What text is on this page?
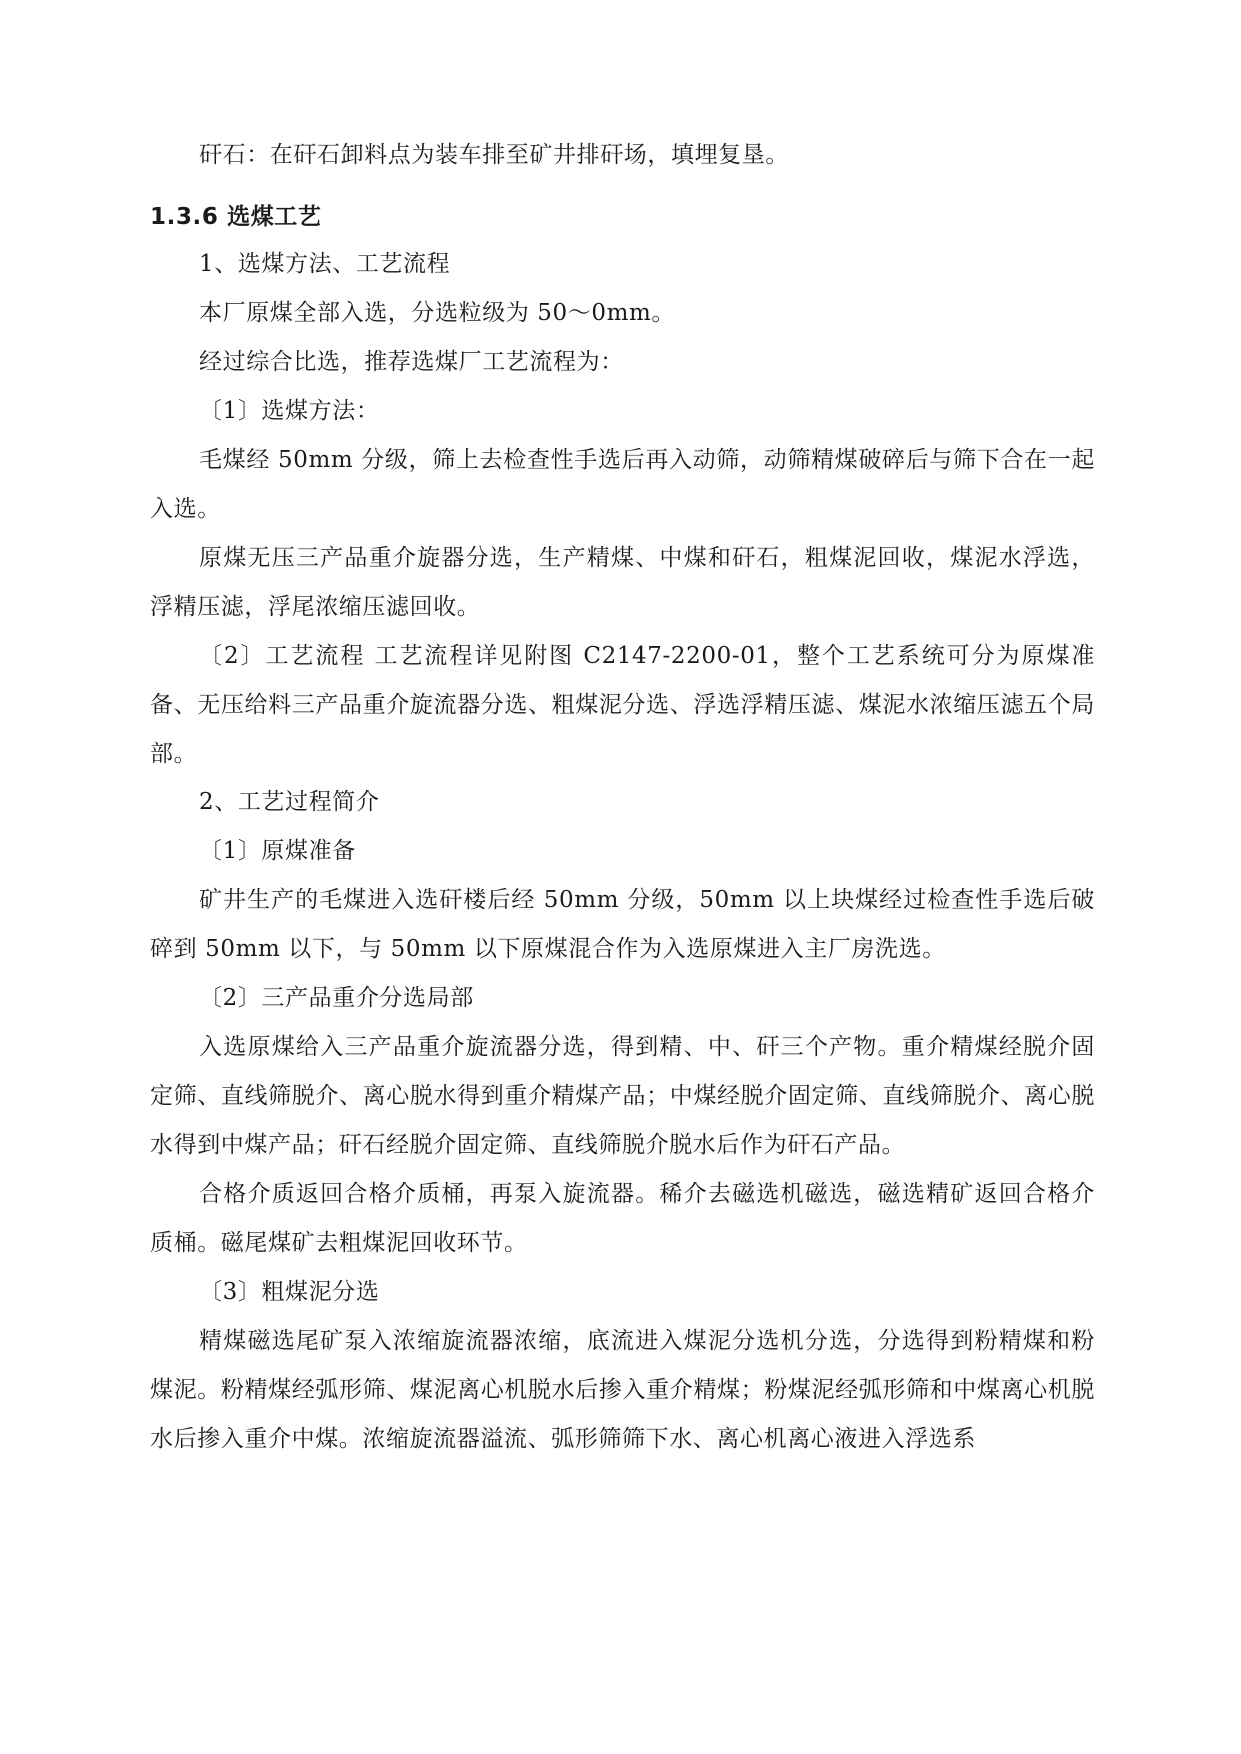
矸石：在矸石卸料点为装车排至矿井排矸场，填埋复垦。

1.3.6 选煤工艺

1、选煤方法、工艺流程

本厂原煤全部入选，分选粒级为 50～0mm。

经过综合比选，推荐选煤厂工艺流程为：

〔1〕选煤方法：

毛煤经 50mm 分级，筛上去检查性手选后再入动筛，动筛精煤破碎后与筛下合在一起入选。

原煤无压三产品重介旋器分选，生产精煤、中煤和矸石，粗煤泥回收，煤泥水浮选，浮精压滤，浮尾浓缩压滤回收。

〔2〕工艺流程 工艺流程详见附图 C2147-2200-01，整个工艺系统可分为原煤准备、无压给料三产品重介旋流器分选、粗煤泥分选、浮选浮精压滤、煤泥水浓缩压滤五个局部。

2、工艺过程简介

〔1〕原煤准备

矿井生产的毛煤进入选矸楼后经 50mm 分级，50mm 以上块煤经过检查性手选后破碎到 50mm 以下，与 50mm 以下原煤混合作为入选原煤进入主厂房洗选。

〔2〕三产品重介分选局部

入选原煤给入三产品重介旋流器分选，得到精、中、矸三个产物。重介精煤经脱介固定筛、直线筛脱介、离心脱水得到重介精煤产品；中煤经脱介固定筛、直线筛脱介、离心脱水得到中煤产品；矸石经脱介固定筛、直线筛脱介脱水后作为矸石产品。

合格介质返回合格介质桶，再泵入旋流器。稀介去磁选机磁选，磁选精矿返回合格介质桶。磁尾煤矿去粗煤泥回收环节。

〔3〕粗煤泥分选

精煤磁选尾矿泵入浓缩旋流器浓缩，底流进入煤泥分选机分选，分选得到粉精煤和粉煤泥。粉精煤经弧形筛、煤泥离心机脱水后掺入重介精煤；粉煤泥经弧形筛和中煤离心机脱水后掺入重介中煤。浓缩旋流器溢流、弧形筛筛下水、离心机离心液进入浮选系
